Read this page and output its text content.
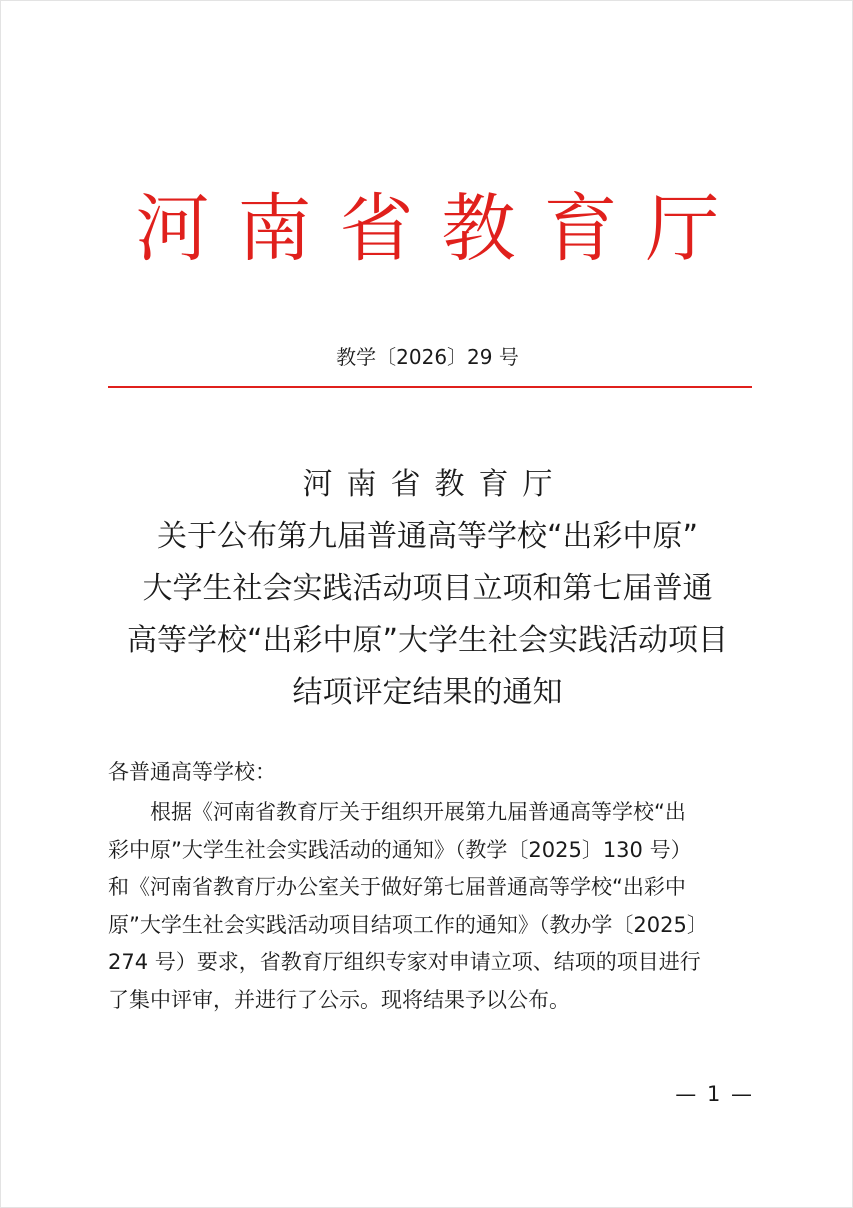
河南省教育厅
教学〔2026〕29 号
河南省教育厅
关于公布第九届普通高等学校“出彩中原”
大学生社会实践活动项目立项和第七届普通
高等学校“出彩中原”大学生社会实践活动项目
结项评定结果的通知
各普通高等学校：
　　根据《河南省教育厅关于组织开展第九届普通高等学校“出
彩中原”大学生社会实践活动的通知》（教学〔2025〕130 号）
和《河南省教育厅办公室关于做好第七届普通高等学校“出彩中
原”大学生社会实践活动项目结项工作的通知》（教办学〔2025〕
274 号）要求，省教育厅组织专家对申请立项、结项的项目进行
了集中评审，并进行了公示。现将结果予以公布。
— 1 —
